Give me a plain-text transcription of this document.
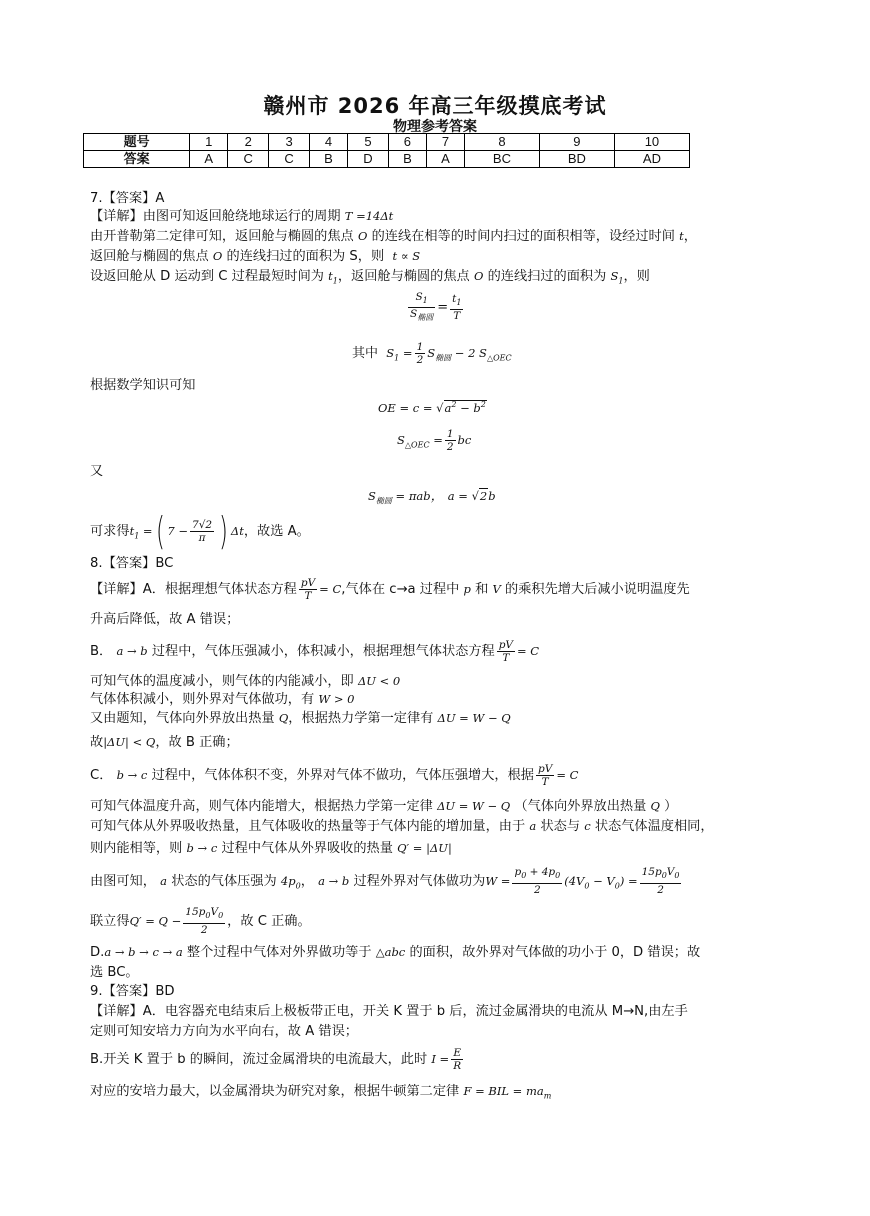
赣州市 2026 年高三年级摸底考试
物理参考答案
题号	1	2	3	4	5	6	7	8	9	10
答案	A	C	C	B	D	B	A	BC	BD	AD
7.【答案】A
【详解】由图可知返回舱绕地球运行的周期 T =14Δt
由开普勒第二定律可知，返回舱与椭圆的焦点 O 的连线在相等的时间内扫过的面积相等，设经过时间 t，
返回舱与椭圆的焦点 O 的连线扫过的面积为 S，则 t ∝ S
设返回舱从 D 运动到 C 过程最短时间为 $t_1$，返回舱与椭圆的焦点 O 的连线扫过的面积为 $S_1$，则
$\frac{S_1}{S_{椭圆}} = \frac{t_1}{T}$
其中 $S_1 = \frac{1}{2} S_{椭圆} - 2$ $S_{\triangle OEC}$
根据数学知识可知
OE = $c = √a^2 - b^2$
$S_{\triangle OEC} = \frac{1}{2}$ bc
又
$S_{椭圆} = \pi ab$， a = √2b
可求得$t_1$ =( $7 - \frac{7√2}{\pi}$ ) Δt，故选 A。
8.【答案】BC
【详解】A．根据理想气体状态方程 $\frac{pV}{T} = C$,气体在 c→a 过程中 p 和 V 的乘积先增大后减小说明温度先
升高后降低，故 A 错误；
B． a → b 过程中，气体压强减小，体积减小，根据理想气体状态方程 $\frac{pV}{T} = C$
可知气体的温度减小，则气体的内能减小，即 ΔU < 0
气体体积减小，则外界对气体做功，有 W > 0
又由题知，气体向外界放出热量 Q，根据热力学第一定律有 ΔU = W − Q
故|ΔU| < Q，故 B 正确；
C． b → c 过程中，气体体积不变，外界对气体不做功，气体压强增大，根据 $\frac{pV}{T} = C$
可知气体温度升高，则气体内能增大，根据热力学第一定律 ΔU = W − Q （气体向外界放出热量 Q ）
可知气体从外界吸收热量，且气体吸收的热量等于气体内能的增加量，由于 a 状态与 c 状态气体温度相同，
则内能相等，则 b → c 过程中气体从外界吸收的热量 Q′ = |ΔU|
由图可知， a 状态的气体压强为 $4p_0$， a → b 过程外界对气体做功为$W = \frac{p_0 + 4p_0}{2} (4V_0 - V_0) = \frac{15p_0V_0}{2}$
联立得$Q' = Q - \frac{15p_0V_0}{2}$ ，故 C 正确。
D.a → b → c → a 整个过程中气体对外界做功等于 △abc 的面积，故外界对气体做的功小于 0，D 错误；故
选 BC。
9.【答案】BD
【详解】A．电容器充电结束后上极板带正电，开关 K 置于 b 后，流过金属滑块的电流从 M→N,由左手
定则可知安培力方向为水平向右，故 A 错误；
B.开关 K 置于 b 的瞬间，流过金属滑块的电流最大，此时 $I = \frac{E}{R}$
对应的安培力最大，以金属滑块为研究对象，根据牛顿第二定律 F = BIL = $ma_m$
